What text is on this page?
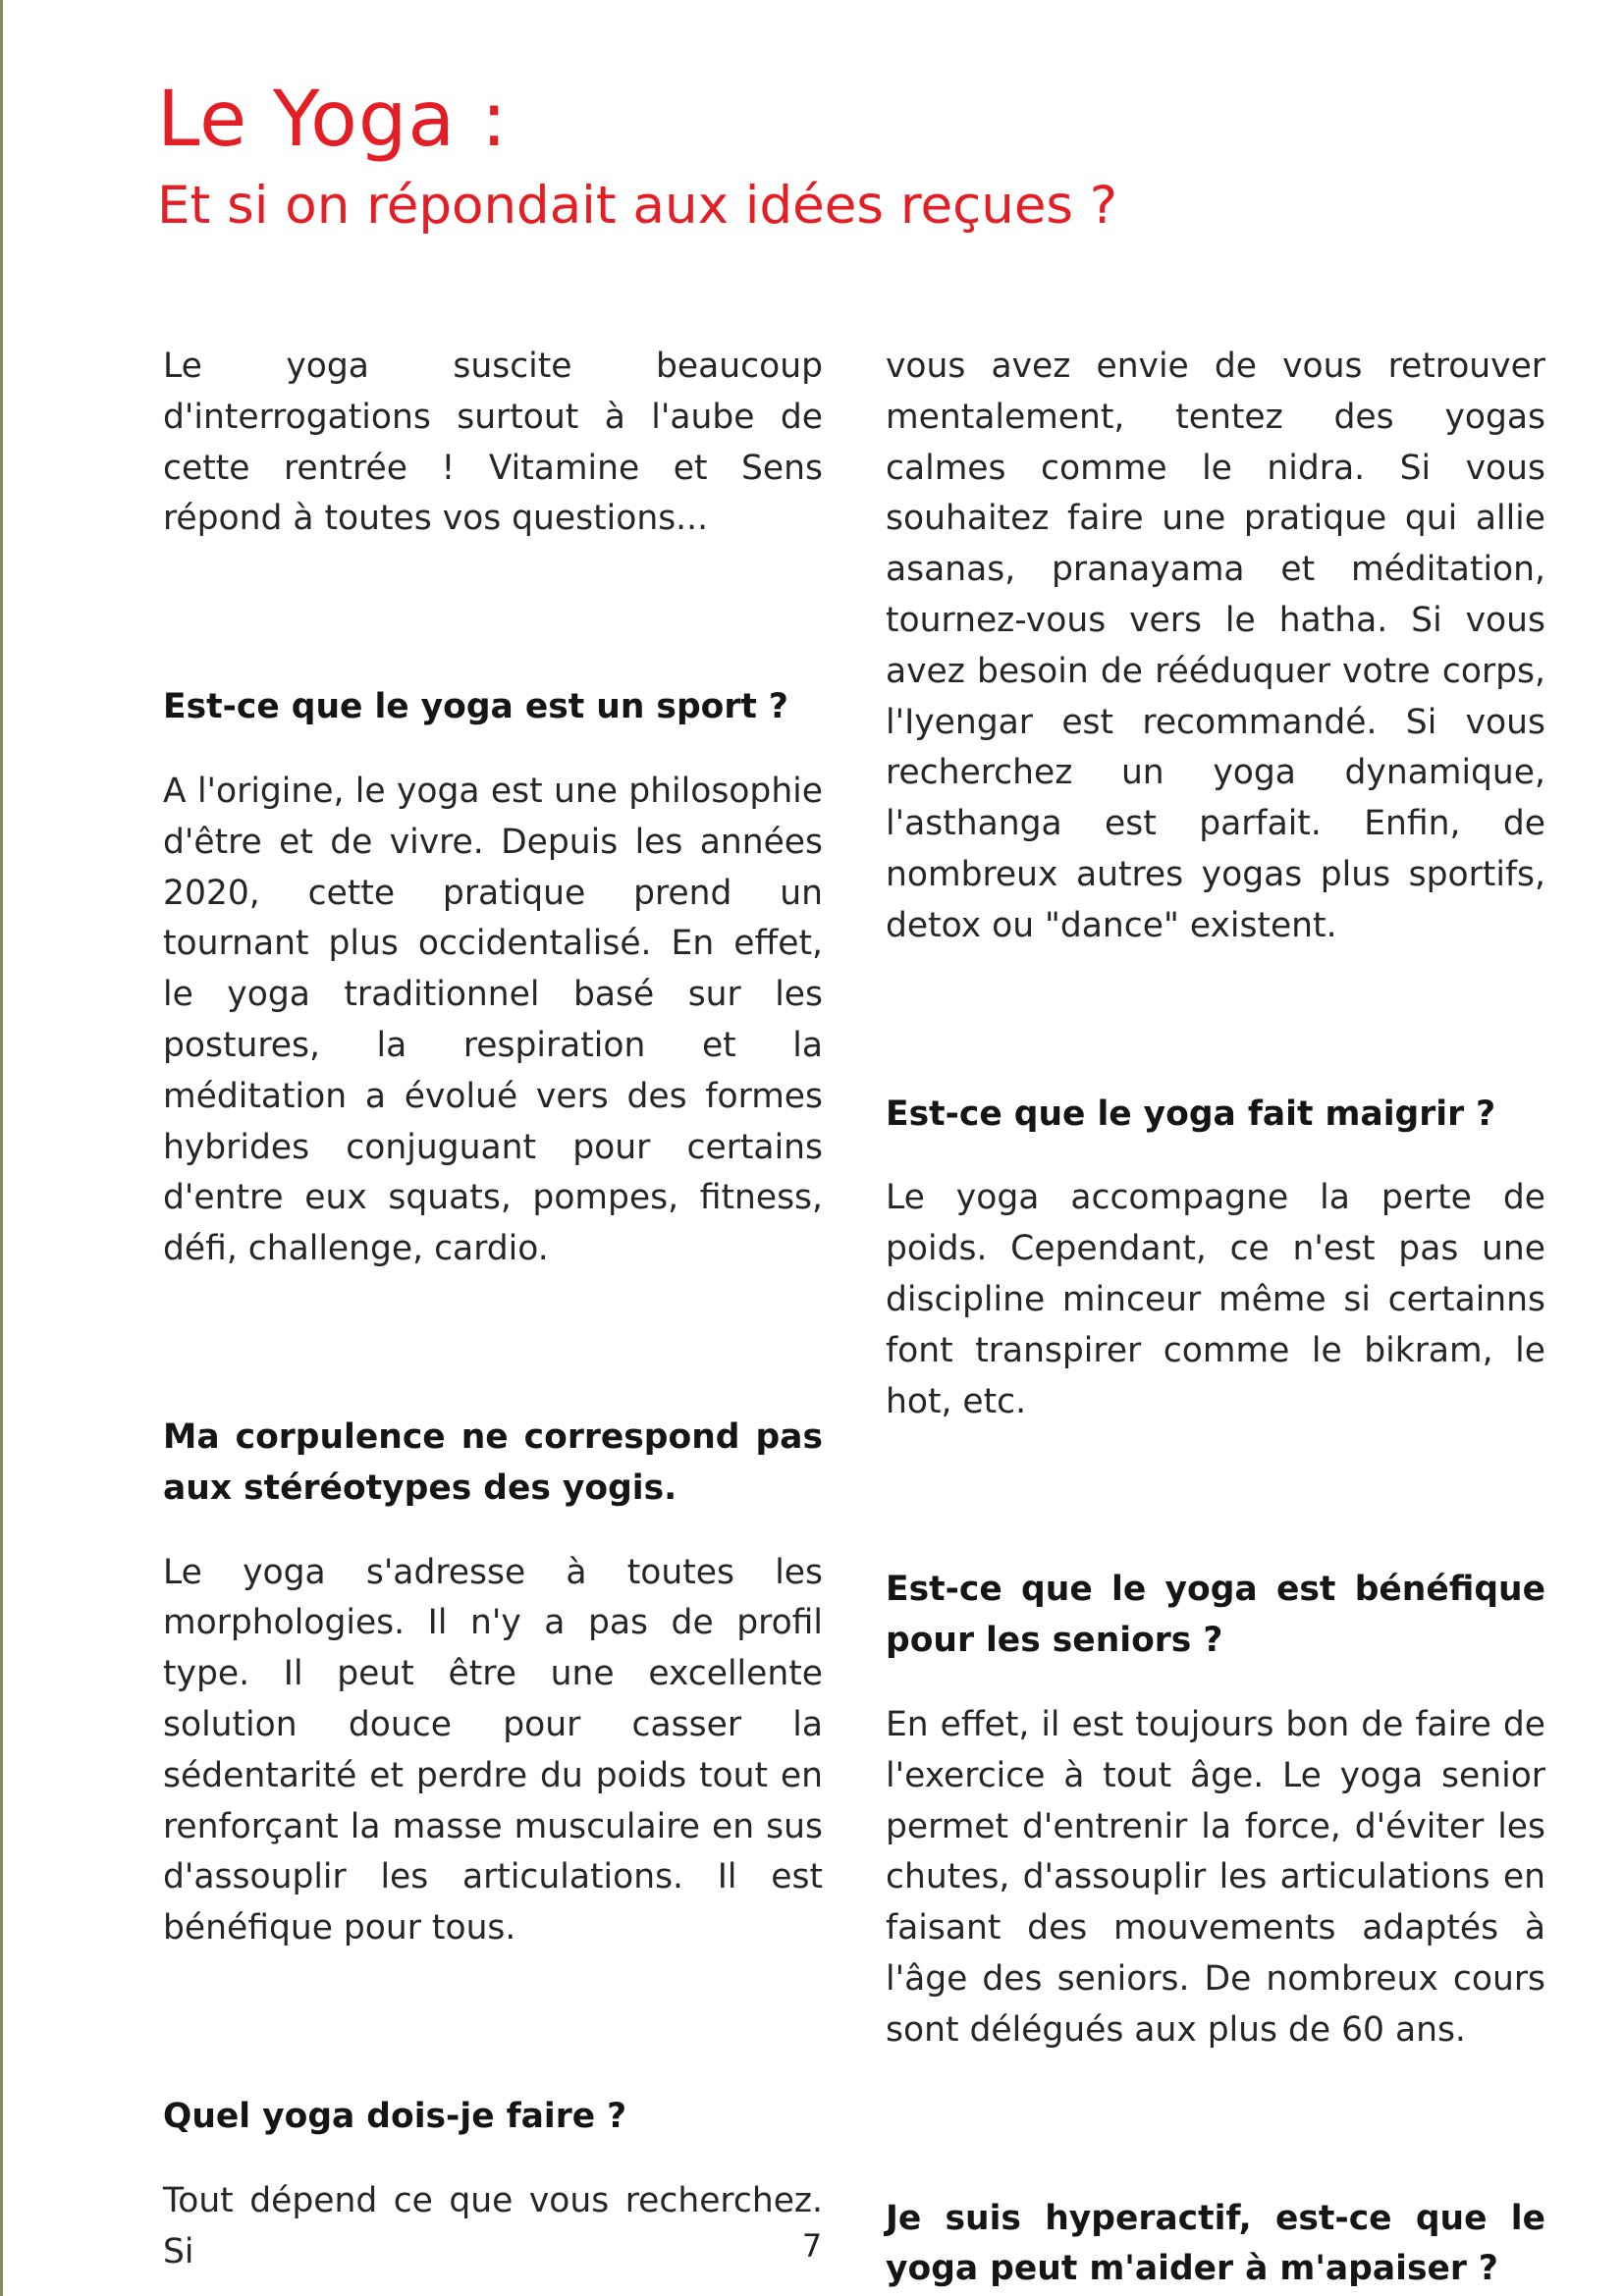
Le Yoga :
Et si on répondait aux idées reçues ?

Le yoga suscite beaucoup d'interrogations surtout à l'aube de cette rentrée ! Vitamine et Sens répond à toutes vos questions...

Est-ce que le yoga est un sport ?

A l'origine, le yoga est une philosophie d'être et de vivre. Depuis les années 2020, cette pratique prend un tournant plus occidentalisé. En effet, le yoga traditionnel basé sur les postures, la respiration et la méditation a évolué vers des formes hybrides conjuguant pour certains d'entre eux squats, pompes, fitness, défi, challenge, cardio.

Ma corpulence ne correspond pas aux stéréotypes des yogis.

Le yoga s'adresse à toutes les morphologies. Il n'y a pas de profil type. Il peut être une excellente solution douce pour casser la sédentarité et perdre du poids tout en renforçant la masse musculaire en sus d'assouplir les articulations. Il est bénéfique pour tous.

Quel yoga dois-je faire ?

Tout dépend ce que vous recherchez. Si

vous avez envie de vous retrouver mentalement, tentez des yogas calmes comme le nidra. Si vous souhaitez faire une pratique qui allie asanas, pranayama et méditation, tournez-vous vers le hatha. Si vous avez besoin de rééduquer votre corps, l'Iyengar est recommandé. Si vous recherchez un yoga dynamique, l'asthanga est parfait. Enfin, de nombreux autres yogas plus sportifs, detox ou "dance" existent.

Est-ce que le yoga fait maigrir ?

Le yoga accompagne la perte de poids. Cependant, ce n'est pas une discipline minceur même si certainns font transpirer comme le bikram, le hot, etc.

Est-ce que le yoga est bénéfique pour les seniors ?

En effet, il est toujours bon de faire de l'exercice à tout âge. Le yoga senior permet d'entrenir la force, d'éviter les chutes, d'assouplir les articulations en faisant des mouvements adaptés à l'âge des seniors. De nombreux cours sont délégués aux plus de 60 ans.

Je suis hyperactif, est-ce que le yoga peut m'aider à m'apaiser ?

7
